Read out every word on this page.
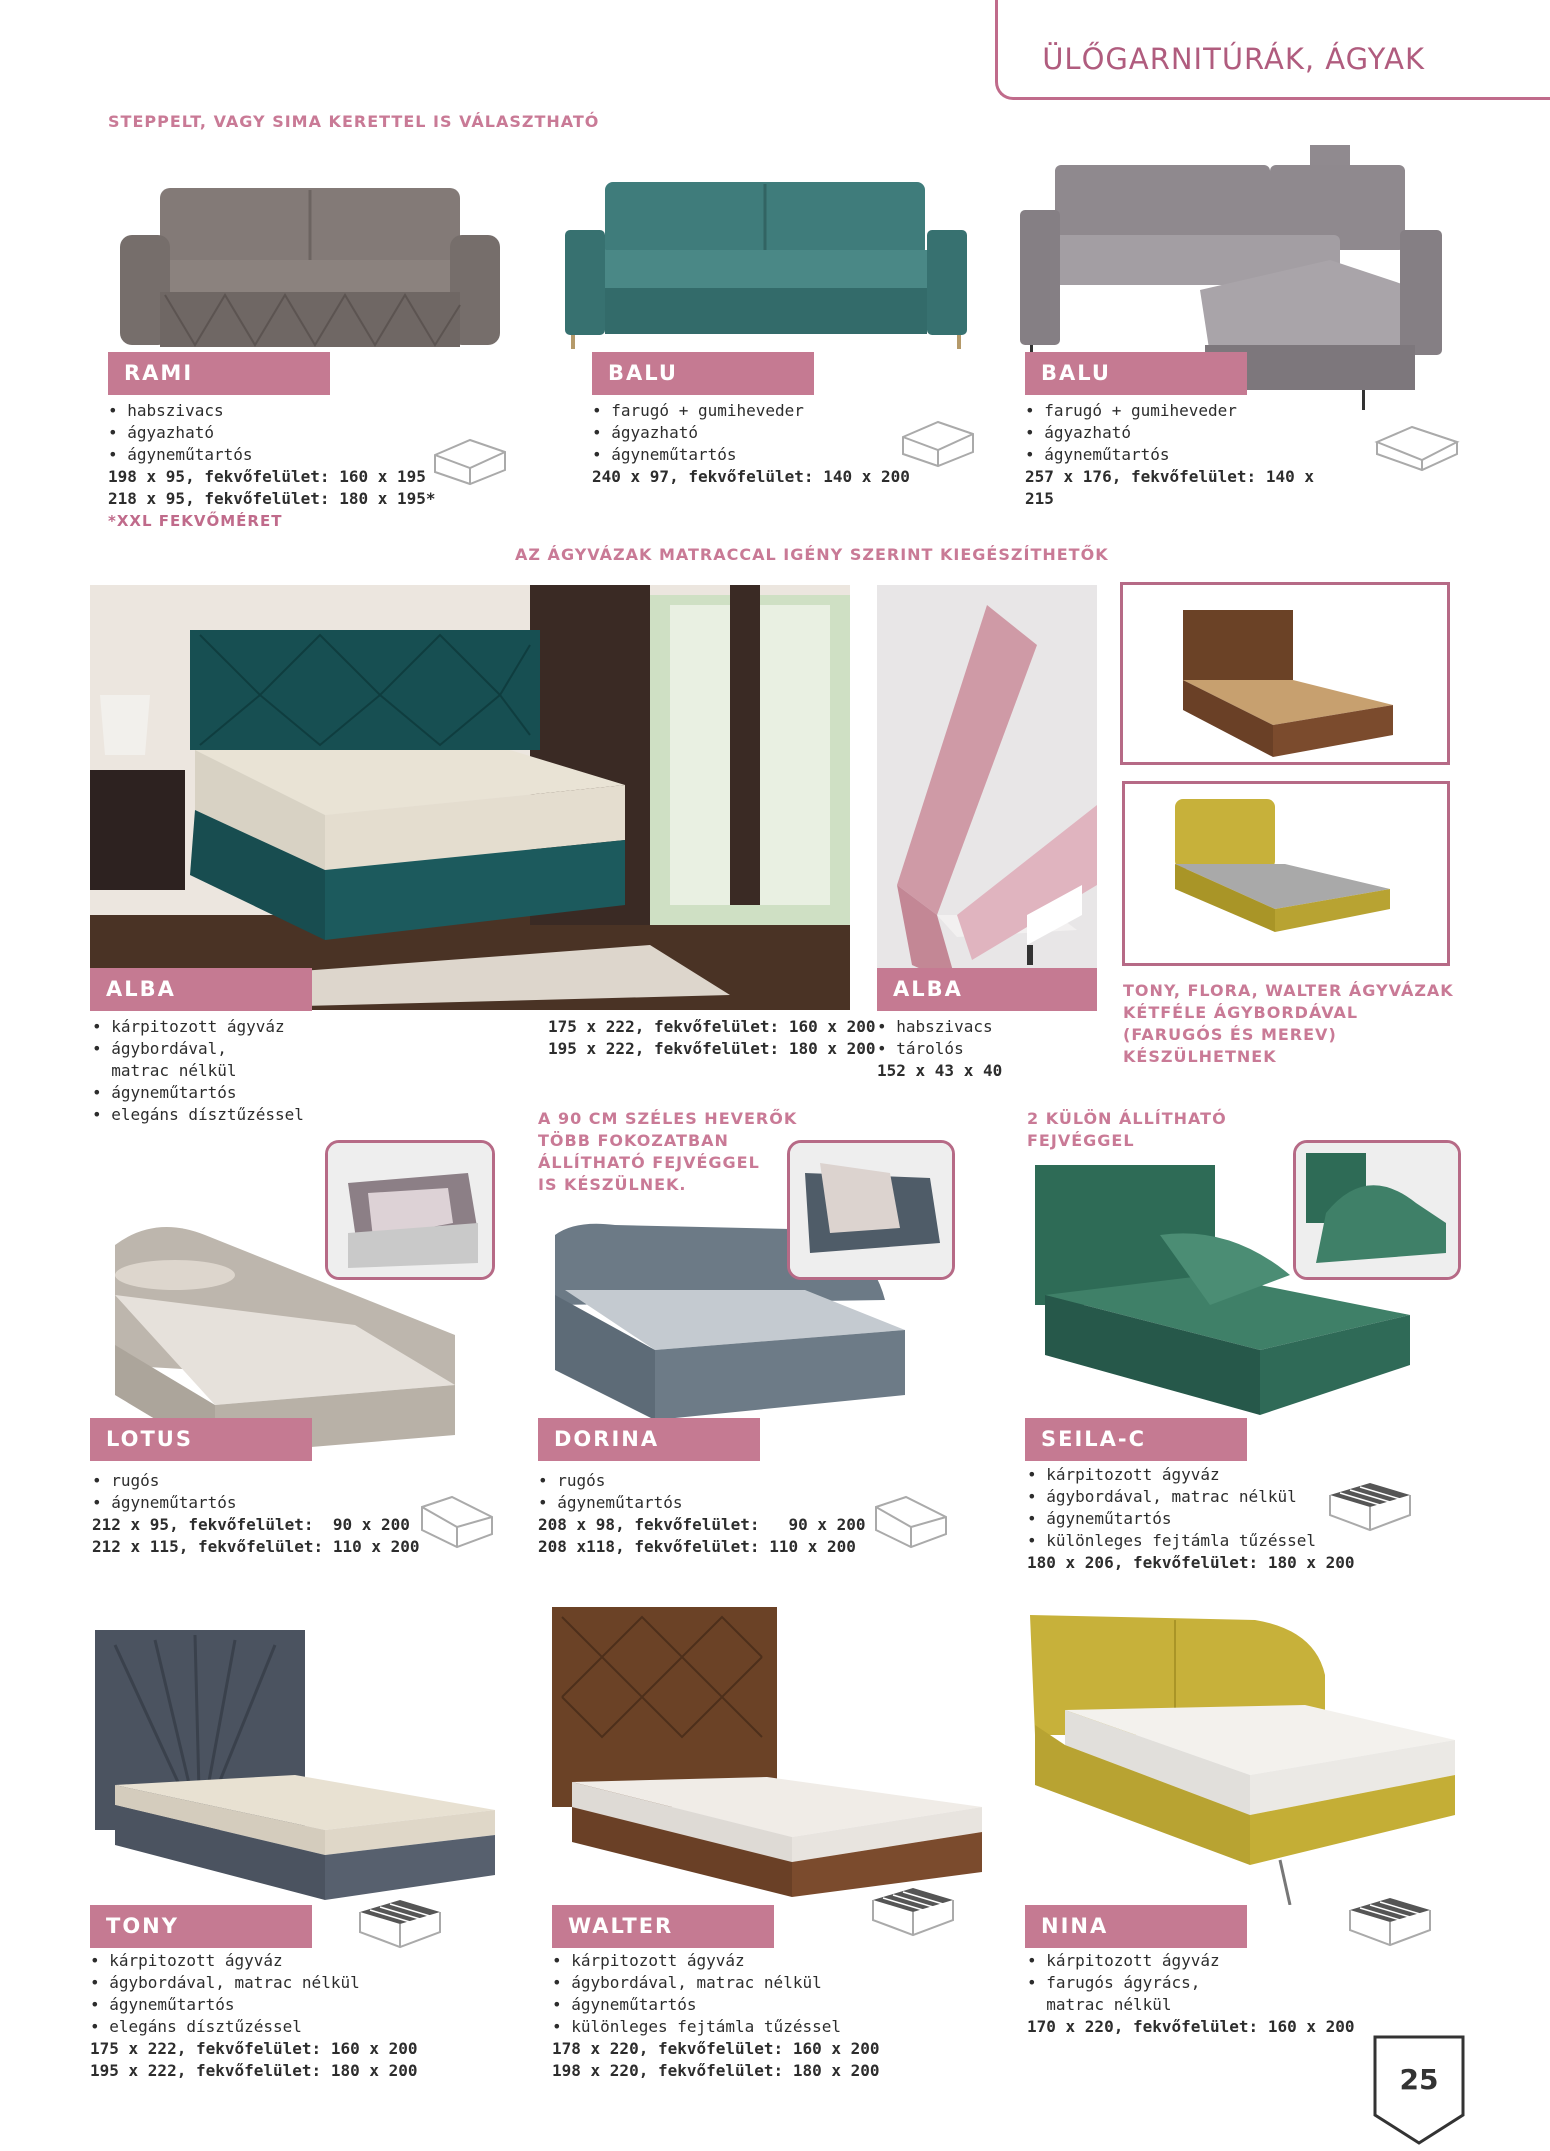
ÜLŐGARNITÚRÁK, ÁGYAK
STEPPELT, VAGY SIMA KERETTEL IS VÁLASZTHATÓ
RAMI
• habszivacs
• ágyazható
• ágyneműtartós
198 x 95, fekvőfelület: 160 x 195
218 x 95, fekvőfelület: 180 x 195*
*XXL FEKVŐMÉRET
BALU
• farugó + gumiheveder
• ágyazható
• ágyneműtartós
240 x 97, fekvőfelület: 140 x 200
BALU
• farugó + gumiheveder
• ágyazható
• ágyneműtartós
257 x 176, fekvőfelület: 140 x 215
AZ ÁGYVÁZAK MATRACCAL IGÉNY SZERINT KIEGÉSZÍTHETŐK
ALBA
• kárpitozott ágyváz
• ágybordával,
matrac nélkül
• ágyneműtartós
• elegáns dísztűzéssel
175 x 222, fekvőfelület: 160 x 200
195 x 222, fekvőfelület: 180 x 200
ALBA
• habszivacs
• tárolós
152 x 43 x 40
TONY, FLORA, WALTER ÁGYVÁZAK
KÉTFÉLE ÁGYBORDÁVAL
(FARUGÓS ÉS MEREV)
KÉSZÜLHETNEK
A 90 CM SZÉLES HEVERŐK
TÖBB FOKOZATBAN
ÁLLÍTHATÓ FEJVÉGGEL
IS KÉSZÜLNEK.
2 KÜLÖN ÁLLÍTHATÓ
FEJVÉGGEL
LOTUS
• rugós
• ágyneműtartós
212 x 95, fekvőfelület:  90 x 200
212 x 115, fekvőfelület: 110 x 200
DORINA
• rugós
• ágyneműtartós
208 x 98, fekvőfelület:   90 x 200
208 x118, fekvőfelület: 110 x 200
SEILA-C
• kárpitozott ágyváz
• ágybordával, matrac nélkül
• ágyneműtartós
• különleges fejtámla tűzéssel
180 x 206, fekvőfelület: 180 x 200
TONY
• kárpitozott ágyváz
• ágybordával, matrac nélkül
• ágyneműtartós
• elegáns díszt‍űzéssel
175 x 222, fekvőfelület: 160 x 200
195 x 222, fekvőfelület: 180 x 200
WALTER
• kárpitozott ágyváz
• ágybordával, matrac nélkül
• ágyneműtartós
• különleges fejtámla tűzéssel
178 x 220, fekvőfelület: 160 x 200
198 x 220, fekvőfelület: 180 x 200
NINA
• kárpitozott ágyváz
• farugós ágyrács,
matrac nélkül
170 x 220, fekvőfelület: 160 x 200
25
